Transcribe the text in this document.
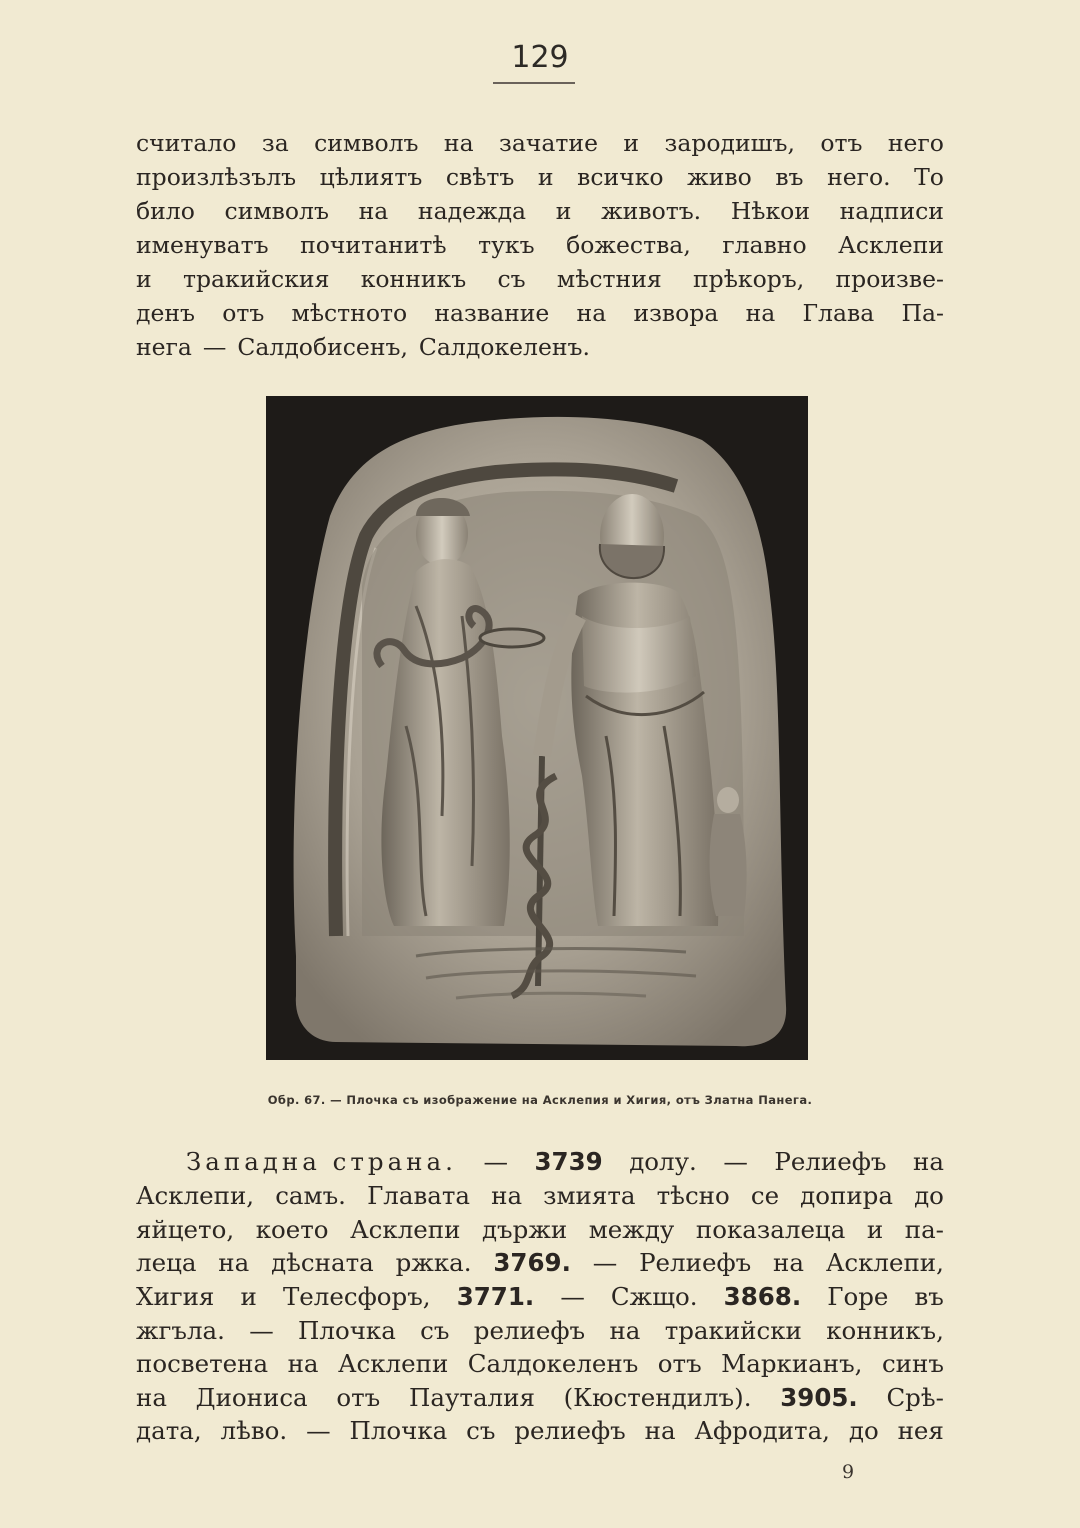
129
считало за символъ на зачатие и зародишъ, отъ него
произлѣзълъ цѣлиятъ свѣтъ и всичко живо въ него. То
било символъ на надежда и животъ. Нѣкои надписи
именуватъ почитанитѣ тукъ божества, главно Асклепи
и тракийския конникъ съ мѣстния прѣкоръ, произве-
денъ отъ мѣстното название на извора на Глава Па-
нега — Салдобисенъ, Салдокеленъ.
Обр. 67. — Плочка съ изображение на Асклепия и Хигия, отъ Златна Панега.
Западна страна. — 3739 долу. — Релиефъ на
Асклепи, самъ. Главата на змията тѣсно се допира до
яйцето, което Асклепи държи между показалеца и па-
леца на дѣсната ржка. 3769. — Релиефъ на Асклепи,
Хигия и Телесфоръ, 3771. — Сжщо. 3868. Горе въ
жгъла. — Плочка съ релиефъ на тракийски конникъ,
посветена на Асклепи Салдокеленъ отъ Маркианъ, синъ
на Диониса отъ Пауталия (Кюстендилъ). 3905. Срѣ-
дата, лѣво. — Плочка съ релиефъ на Афродита, до нея
9
